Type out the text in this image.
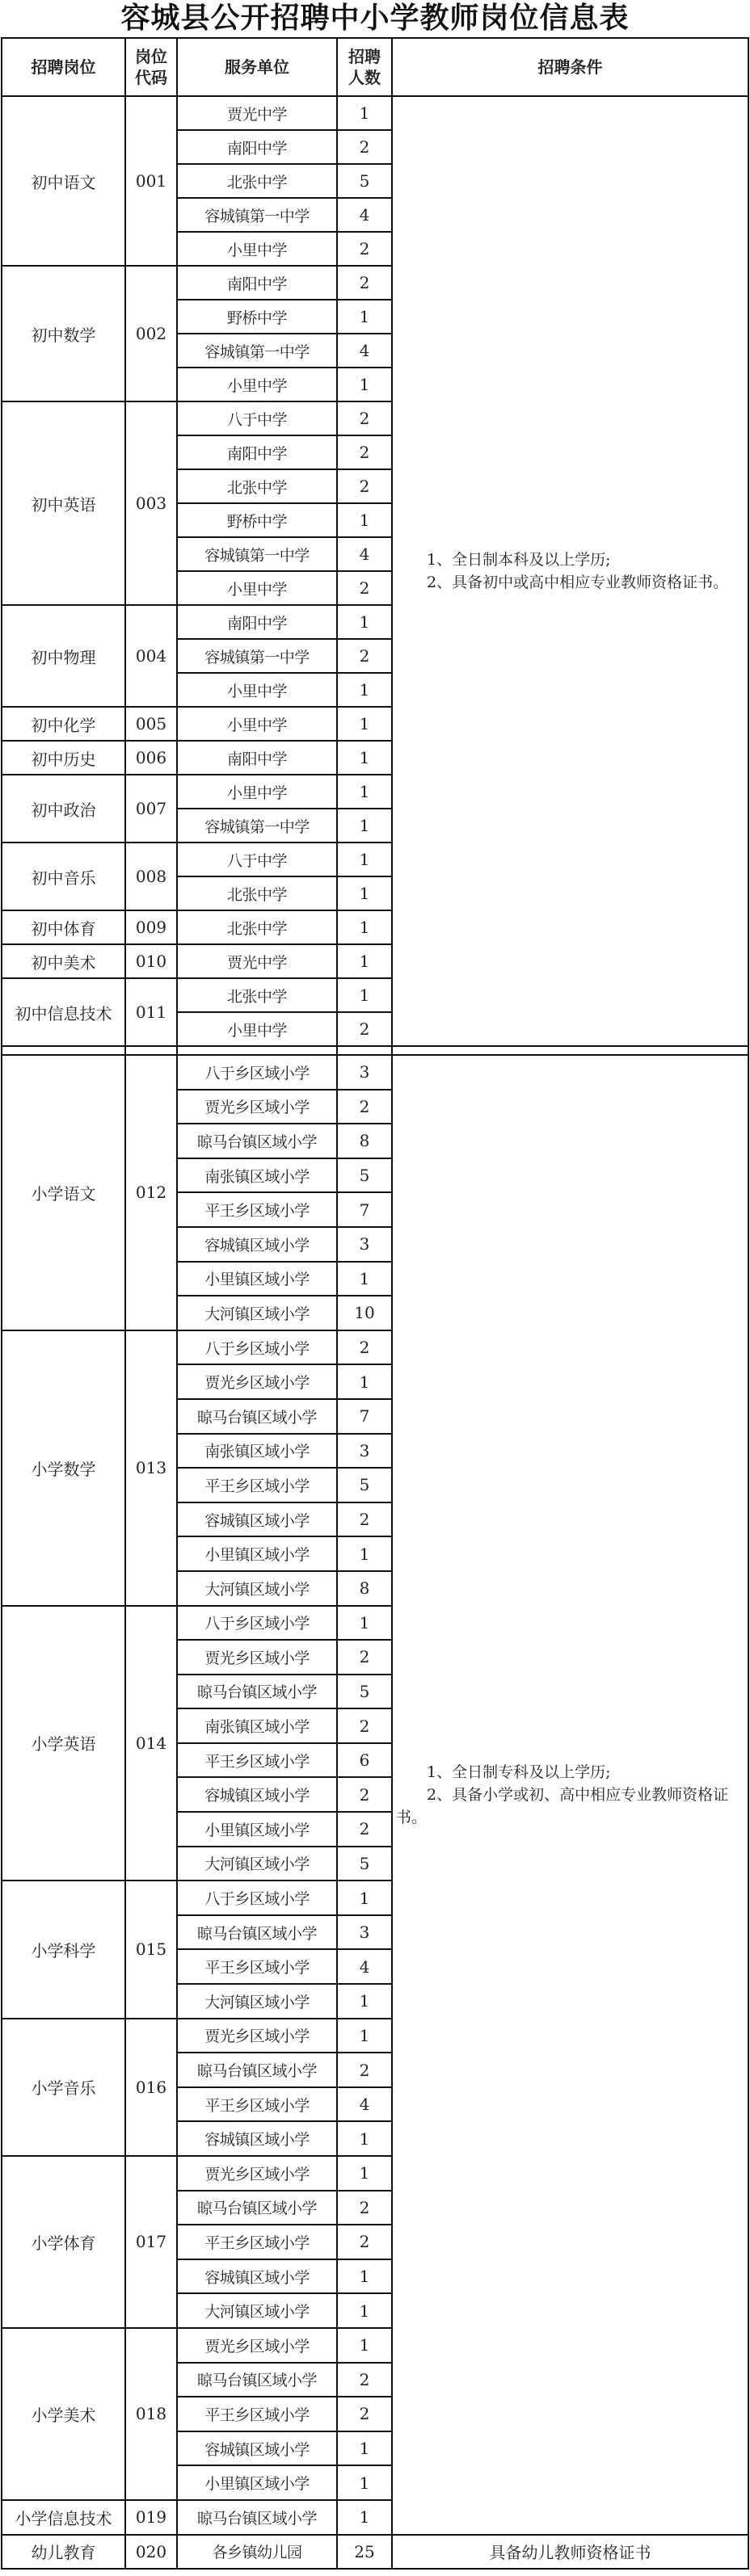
容城县公开招聘中小学教师岗位信息表
招聘岗位	岗位代码	服务单位	招聘人数	招聘条件
初中语文	001	贾光中学	1	1、全日制本科及以上学历;
2、具备初中或高中相应专业教师资格证书。

		南阳中学	2	
		北张中学	5	
		容城镇第一中学	4	
		小里中学	2	
初中数学	002	南阳中学	2	
		野桥中学	1	
		容城镇第一中学	4	
		小里中学	1	
初中英语	003	八于中学	2	
		南阳中学	2	
		北张中学	2	
		野桥中学	1	
		容城镇第一中学	4	
		小里中学	2	
初中物理	004	南阳中学	1	
		容城镇第一中学	2	
		小里中学	1	
初中化学	005	小里中学	1	
初中历史	006	南阳中学	1	
初中政治	007	小里中学	1	
		容城镇第一中学	1	
初中音乐	008	八于中学	1	
		北张中学	1	
初中体育	009	北张中学	1	
初中美术	010	贾光中学	1	
初中信息技术	011	北张中学	1	
		小里中学	2	

小学语文	012	八于乡区域小学	3	1、全日制专科及以上学历;
2、具备小学或初、高中相应专业教师资格证书。

		贾光乡区域小学	2	
		晾马台镇区域小学	8	
		南张镇区域小学	5	
		平王乡区域小学	7	
		容城镇区域小学	3	
		小里镇区域小学	1	
		大河镇区域小学	10	
小学数学	013	八于乡区域小学	2	
		贾光乡区域小学	1	
		晾马台镇区域小学	7	
		南张镇区域小学	3	
		平王乡区域小学	5	
		容城镇区域小学	2	
		小里镇区域小学	1	
		大河镇区域小学	8	
小学英语	014	八于乡区域小学	1	
		贾光乡区域小学	2	
		晾马台镇区域小学	5	
		南张镇区域小学	2	
		平王乡区域小学	6	
		容城镇区域小学	2	
		小里镇区域小学	2	
		大河镇区域小学	5	
小学科学	015	八于乡区域小学	1	
		晾马台镇区域小学	3	
		平王乡区域小学	4	
		大河镇区域小学	1	
小学音乐	016	贾光乡区域小学	1	
		晾马台镇区域小学	2	
		平王乡区域小学	4	
		容城镇区域小学	1	
小学体育	017	贾光乡区域小学	1	
		晾马台镇区域小学	2	
		平王乡区域小学	2	
		容城镇区域小学	1	
		大河镇区域小学	1	
小学美术	018	贾光乡区域小学	1	
		晾马台镇区域小学	2	
		平王乡区域小学	2	
		容城镇区域小学	1	
		小里镇区域小学	1	
小学信息技术	019	晾马台镇区域小学	1	
幼儿教育	020	各乡镇幼儿园	25	具备幼儿教师资格证书
